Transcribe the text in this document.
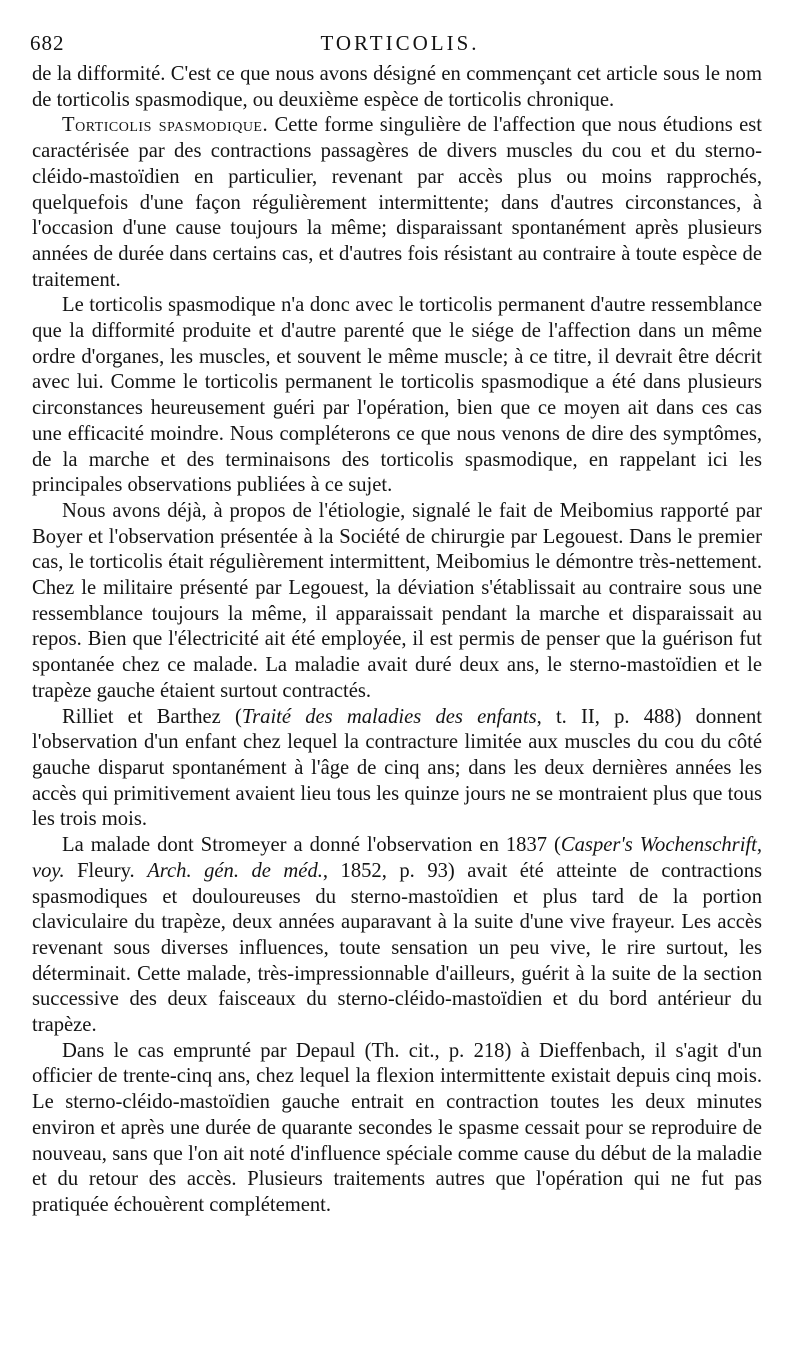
682	TORTICOLIS.

de la difformité. C'est ce que nous avons désigné en commençant cet article sous le nom de torticolis spasmodique, ou deuxième espèce de torticolis chronique.

Torticolis spasmodique. Cette forme singulière de l'affection que nous étudions est caractérisée par des contractions passagères de divers muscles du cou et du sterno-cléido-mastoïdien en particulier, revenant par accès plus ou moins rapprochés, quelquefois d'une façon régulièrement intermittente; dans d'autres circonstances, à l'occasion d'une cause toujours la même; disparaissant spontanément après plusieurs années de durée dans certains cas, et d'autres fois résistant au contraire à toute espèce de traitement.

Le torticolis spasmodique n'a donc avec le torticolis permanent d'autre ressemblance que la difformité produite et d'autre parenté que le siége de l'affection dans un même ordre d'organes, les muscles, et souvent le même muscle; à ce titre, il devrait être décrit avec lui. Comme le torticolis permanent le torticolis spasmodique a été dans plusieurs circonstances heureusement guéri par l'opération, bien que ce moyen ait dans ces cas une efficacité moindre. Nous compléterons ce que nous venons de dire des symptômes, de la marche et des terminaisons des torticolis spasmodique, en rappelant ici les principales observations publiées à ce sujet.

Nous avons déjà, à propos de l'étiologie, signalé le fait de Meibomius rapporté par Boyer et l'observation présentée à la Société de chirurgie par Legouest. Dans le premier cas, le torticolis était régulièrement intermittent, Meibomius le démontre très-nettement. Chez le militaire présenté par Legouest, la déviation s'établissait au contraire sous une ressemblance toujours la même, il apparaissait pendant la marche et disparaissait au repos. Bien que l'électricité ait été employée, il est permis de penser que la guérison fut spontanée chez ce malade. La maladie avait duré deux ans, le sterno-mastoïdien et le trapèze gauche étaient surtout contractés.

Rilliet et Barthez (Traité des maladies des enfants, t. II, p. 488) donnent l'observation d'un enfant chez lequel la contracture limitée aux muscles du cou du côté gauche disparut spontanément à l'âge de cinq ans; dans les deux dernières années les accès qui primitivement avaient lieu tous les quinze jours ne se montraient plus que tous les trois mois.

La malade dont Stromeyer a donné l'observation en 1837 (Casper's Wochenschrift, voy. Fleury. Arch. gén. de méd., 1852, p. 93) avait été atteinte de contractions spasmodiques et douloureuses du sterno-mastoïdien et plus tard de la portion claviculaire du trapèze, deux années auparavant à la suite d'une vive frayeur. Les accès revenant sous diverses influences, toute sensation un peu vive, le rire surtout, les déterminait. Cette malade, très-impressionnable d'ailleurs, guérit à la suite de la section successive des deux faisceaux du sterno-cléido-mastoïdien et du bord antérieur du trapèze.

Dans le cas emprunté par Depaul (Th. cit., p. 218) à Dieffenbach, il s'agit d'un officier de trente-cinq ans, chez lequel la flexion intermittente existait depuis cinq mois. Le sterno-cléido-mastoïdien gauche entrait en contraction toutes les deux minutes environ et après une durée de quarante secondes le spasme cessait pour se reproduire de nouveau, sans que l'on ait noté d'influence spéciale comme cause du début de la maladie et du retour des accès. Plusieurs traitements autres que l'opération qui ne fut pas pratiquée échouèrent complétement.
